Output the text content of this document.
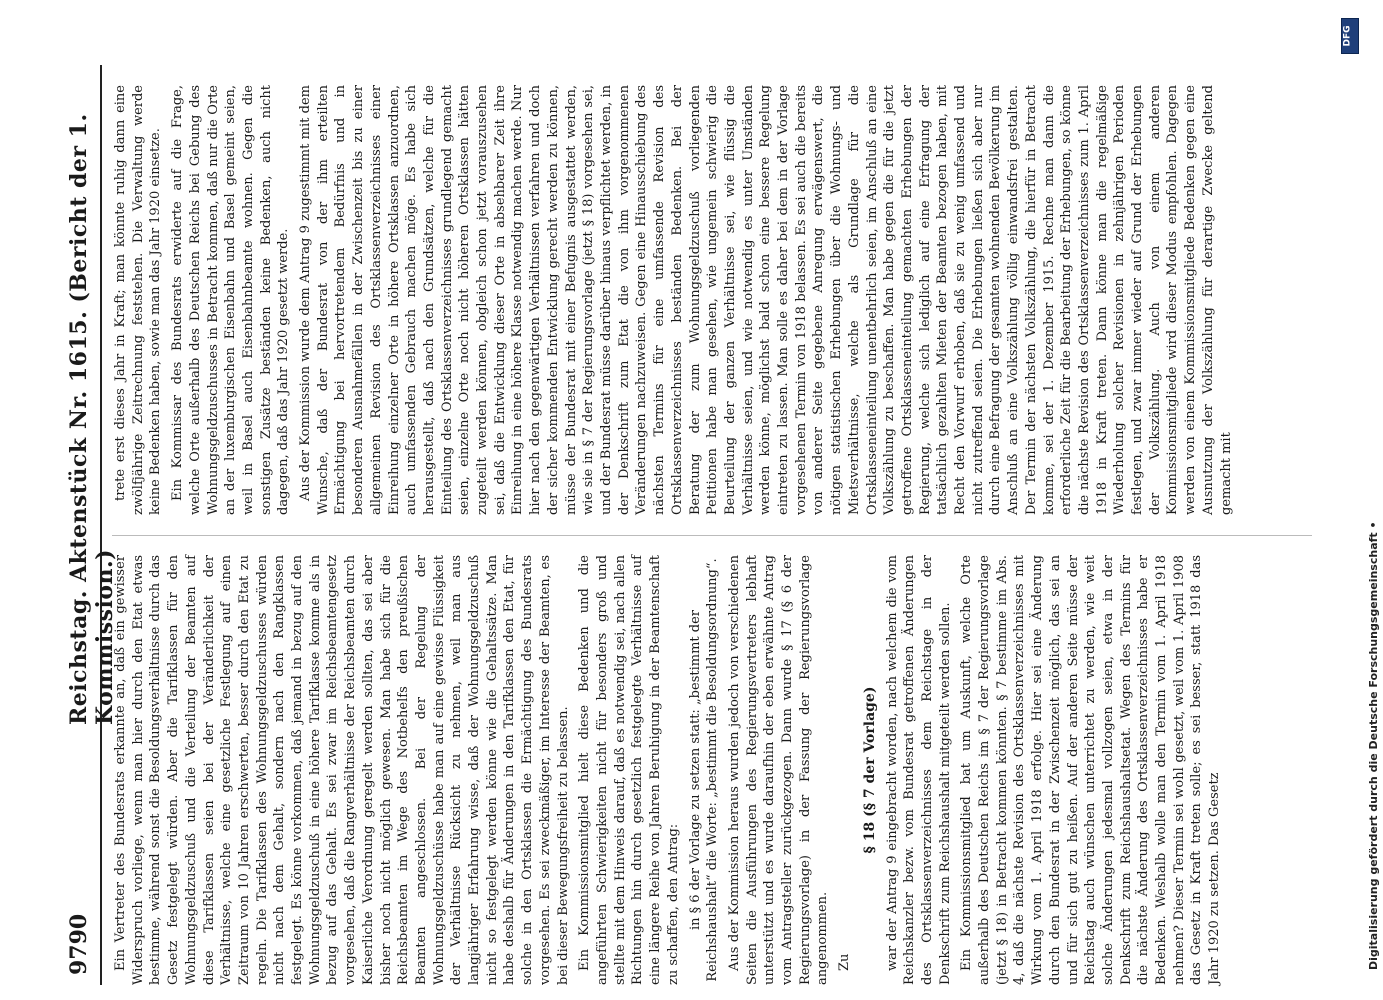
9790
Reichstag. Aktenstück Nr. 1615. (Bericht der 1. Kommission.)

Ein Vertreter des Bundesrats erkannte an, daß ein gewisser Widerspruch vorliege, wenn man hier durch den Etat etwas bestimme, während sonst die Besoldungsverhältnisse durch das Gesetz festgelegt würden. Aber die Tarifklassen für den Wohnungsgeldzuschuß und die Verteilung der Beamten auf diese Tarifklassen seien bei der Veränderlichkeit der Verhältnisse, welche eine gesetzliche Festlegung auf einen Zeitraum von 10 Jahren erschwerten, besser durch den Etat zu regeln. Die Tarifklassen des Wohnungsgeldzuschusses würden nicht nach dem Gehalt, sondern nach den Rangklassen festgelegt. Es könne vorkommen, daß jemand in bezug auf den Wohnungsgeldzuschuß in eine höhere Tarifklasse komme als in bezug auf das Gehalt. Es sei zwar im Reichsbeamtengesetz vorgesehen, daß die Rangverhältnisse der Reichsbeamten durch Kaiserliche Verordnung geregelt werden sollten, das sei aber bisher noch nicht möglich gewesen. Man habe sich für die Reichsbeamten im Wege des Notbehelfs den preußischen Beamten angeschlossen. Bei der Regelung der Wohnungsgeldzuschüsse habe man auf eine gewisse Flüssigkeit der Verhältnisse Rücksicht zu nehmen, weil man aus langjähriger Erfahrung wisse, daß der Wohnungsgeldzuschuß nicht so festgelegt werden könne wie die Gehaltssätze. Man habe deshalb für Änderungen in den Tarifklassen den Etat, für solche in den Ortsklassen die Ermächtigung des Bundesrats vorgesehen. Es sei zweckmäßiger, im Interesse der Beamten, es bei dieser Bewegungsfreiheit zu belassen. Ein Kommissionsmitglied hielt diese Bedenken und die angeführten Schwierigkeiten nicht für besonders groß und stellte mit dem Hinweis darauf, daß es notwendig sei, nach allen Richtungen hin durch gesetzlich festgelegte Verhältnisse auf eine längere Reihe von Jahren Beruhigung in der Beamtenschaft zu schaffen, den Antrag: in § 6 der Vorlage zu setzen statt: „bestimmt der Reichshaushalt“ die Worte: „bestimmt die Besoldungsordnung“. Aus der Kommission heraus wurden jedoch von verschiedenen Seiten die Ausführungen des Regierungsvertreters lebhaft unterstützt und es wurde daraufhin der eben erwähnte Antrag vom Antragsteller zurückgezogen. Dann wurde § 17 (§ 6 der Regierungsvorlage) in der Fassung der Regierungsvorlage angenommen. Zu

§ 18 (§ 7 der Vorlage) war der Antrag 9 eingebracht worden, nach welchem die vom Reichskanzler bezw. vom Bundesrat getroffenen Änderungen des Ortsklassenverzeichnisses dem Reichstage in der Denkschrift zum Reichshaushalt mitgeteilt werden sollen. Ein Kommissionsmitglied bat um Auskunft, welche Orte außerhalb des Deutschen Reichs im § 7 der Regierungsvorlage (jetzt § 18) in Betracht kommen könnten. § 7 bestimme im Abs. 4, daß die nächste Revision des Ortsklassenverzeichnisses mit Wirkung vom 1. April 1918 erfolge. Hier sei eine Änderung durch den Bundesrat in der Zwischenzeit möglich, das sei an und für sich gut zu heißen. Auf der anderen Seite müsse der Reichstag auch wünschen unterrichtet zu werden, wie weit solche Änderungen jedesmal vollzogen seien, etwa in der Denkschrift zum Reichshaushaltsetat. Wegen des Termins für die nächste Änderung des Ortsklassenverzeichnisses habe er Bedenken. Weshalb wolle man den Termin vom 1. April 1918 nehmen? Dieser Termin sei wohl gesetzt, weil vom 1. April 1908 das Gesetz in Kraft treten solle; es sei besser, statt 1918 das Jahr 1920 zu setzen. Das Gesetz

trete erst dieses Jahr in Kraft; man könnte ruhig dann eine zwölfjährige Zeitrechnung feststehen. Die Verwaltung werde keine Bedenken haben, sowie man das Jahr 1920 einsetze. Ein Kommissar des Bundesrats erwiderte auf die Frage, welche Orte außerhalb des Deutschen Reichs bei Gebung des Wohnungsgeldzuschusses in Betracht kommen, daß nur die Orte an der luxemburgischen Eisenbahn und Basel gemeint seien, weil in Basel auch Eisenbahnbeamte wohnen. Gegen die sonstigen Zusätze beständen keine Bedenken, auch nicht dagegen, daß das Jahr 1920 gesetzt werde. Aus der Kommission wurde dem Antrag 9 zugestimmt mit dem Wunsche, daß der Bundesrat von der ihm erteilten Ermächtigung bei hervortretendem Bedürfnis und in besonderen Ausnahmefällen in der Zwischenzeit bis zu einer allgemeinen Revision des Ortsklassenverzeichnisses einer Einreihung einzelner Orte in höhere Ortsklassen anzuordnen, auch umfassenden Gebrauch machen möge. Es habe sich herausgestellt, daß nach den Grundsätzen, welche für die Einteilung des Ortsklassenverzeichnisses grundlegend gemacht seien, einzelne Orte noch nicht höheren Ortsklassen hätten zugeteilt werden können, obgleich schon jetzt vorauszusehen sei, daß die Entwicklung dieser Orte in absehbarer Zeit ihre Einreihung in eine höhere Klasse notwendig machen werde. Nur hier nach den gegenwärtigen Verhältnissen verfahren und doch der sicher kommenden Entwicklung gerecht werden zu können, müsse der Bundesrat mit einer Befugnis ausgestattet werden, wie sie in § 7 der Regierungsvorlage (jetzt § 18) vorgesehen sei, und der Bundesrat müsse darüber hinaus verpflichtet werden, in der Denkschrift zum Etat die von ihm vorgenommenen Veränderungen nachzuweisen. Gegen eine Hinausschiebung des nächsten Termins für eine umfassende Revision des Ortsklassenverzeichnisses beständen Bedenken. Bei der Beratung der zum Wohnungsgeldzuschuß vorliegenden Petitionen habe man gesehen, wie ungemein schwierig die Beurteilung der ganzen Verhältnisse sei, wie flüssig die Verhältnisse seien, und wie notwendig es unter Umständen werden könne, möglichst bald schon eine bessere Regelung eintreten zu lassen. Man solle es daher bei dem in der Vorlage vorgesehenen Termin von 1918 belassen. Es sei auch die bereits von anderer Seite gegebene Anregung erwägenswert, die nötigen statistischen Erhebungen über die Wohnungs- und Mietsverhältnisse, welche als Grundlage für die Ortsklasseneinteilung unentbehrlich seien, im Anschluß an eine Volkszählung zu beschaffen. Man habe gegen die für die jetzt getroffene Ortsklasseneinteilung gemachten Erhebungen der Regierung, welche sich lediglich auf eine Erfragung der tatsächlich gezahlten Mieten der Beamten bezogen haben, mit Recht den Vorwurf erhoben, daß sie zu wenig umfassend und nicht zutreffend seien. Die Erhebungen ließen sich aber nur durch eine Befragung der gesamten wohnenden Bevölkerung im Anschluß an eine Volkszählung völlig einwandsfrei gestalten. Der Termin der nächsten Volkszählung, die hierfür in Betracht komme, sei der 1. Dezember 1915. Rechne man dann die erforderliche Zeit für die Bearbeitung der Erhebungen, so könne die nächste Revision des Ortsklassenverzeichnisses zum 1. April 1918 in Kraft treten. Dann könne man die regelmäßige Wiederholung solcher Revisionen in zehnjährigen Perioden festlegen, und zwar immer wieder auf Grund der Erhebungen der Volkszählung. Auch von einem anderen Kommissionsmitgliede wird dieser Modus empfohlen. Dagegen werden von einem Kommissionsmitgliede Bedenken gegen eine Ausnutzung der Volkszählung für derartige Zwecke geltend gemacht mit

DFG
Digitalisierung gefördert durch die Deutsche Forschungsgemeinschaft •
